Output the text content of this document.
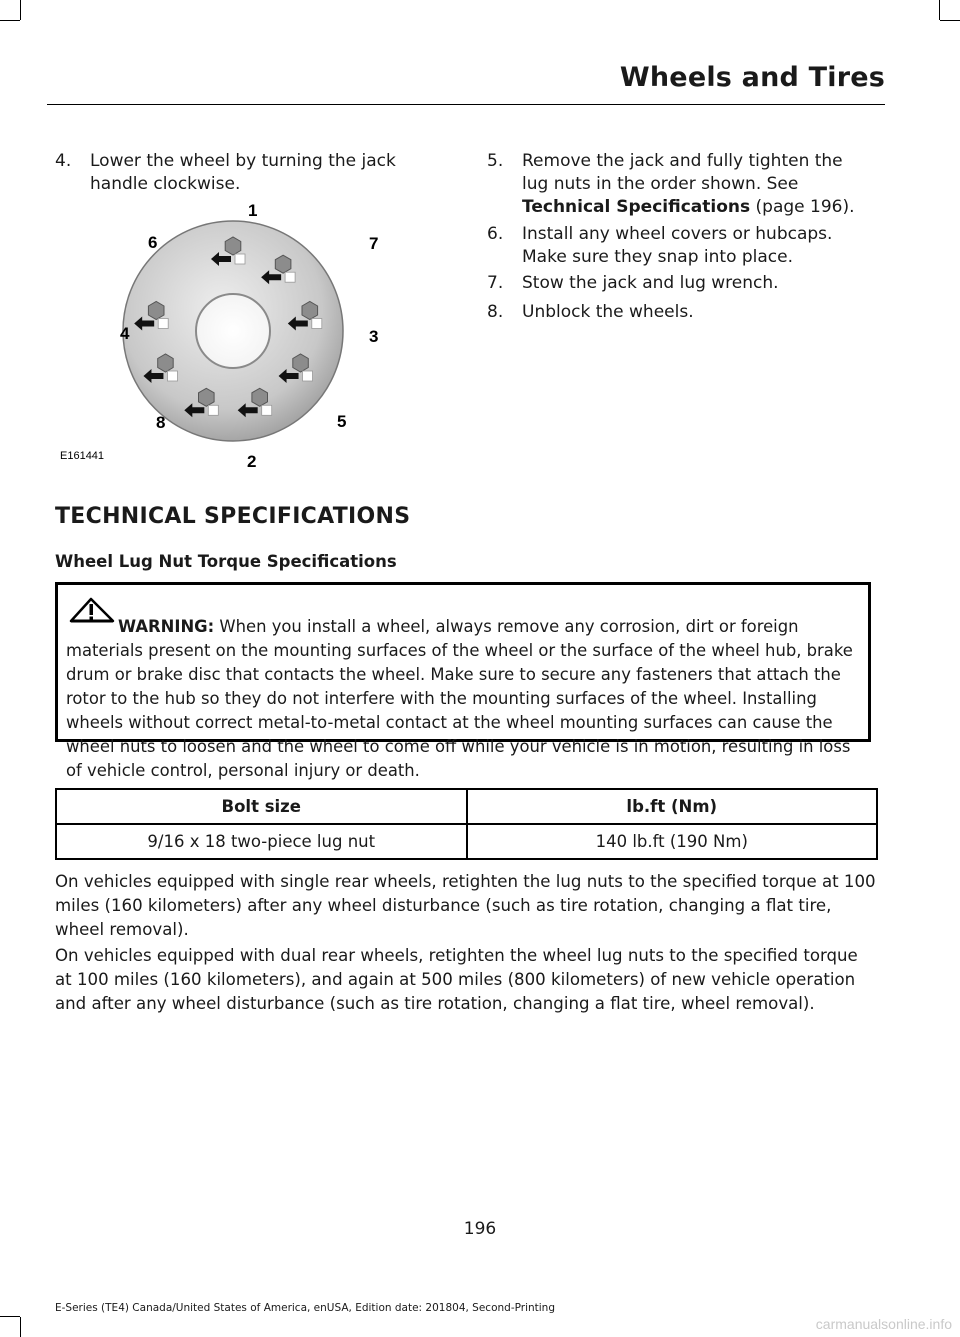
Wheels and Tires
4. Lower the wheel by turning the jack
handle clockwise.
5. Remove the jack and fully tighten the
lug nuts in the order shown. See
Technical Specifications (page 196).
6. Install any wheel covers or hubcaps.
Make sure they snap into place.
7. Stow the jack and lug wrench.
8. Unblock the wheels.
1
7
3
5
2
8
4
6
E161441
TECHNICAL SPECIFICATIONS
Wheel Lug Nut Torque Specifications

WARNING: When you install a wheel, always remove any corrosion, dirt or foreign materials present on the mounting surfaces of the wheel or the surface of the wheel hub, brake drum or brake disc that contacts the wheel. Make sure to secure any fasteners that attach the rotor to the hub so they do not interfere with the mounting surfaces of the wheel. Installing wheels without correct metal-to-metal contact at the wheel mounting surfaces can cause the wheel nuts to loosen and the wheel to come off while your vehicle is in motion, resulting in loss of vehicle control, personal injury or death.

Bolt size	lb.ft (Nm)
9/16 x 18 two-piece lug nut	140 lb.ft (190 Nm)

On vehicles equipped with single rear wheels, retighten the lug nuts to the specified torque at 100 miles (160 kilometers) after any wheel disturbance (such as tire rotation, changing a flat tire, wheel removal).

On vehicles equipped with dual rear wheels, retighten the wheel lug nuts to the specified torque at 100 miles (160 kilometers), and again at 500 miles (800 kilometers) of new vehicle operation and after any wheel disturbance (such as tire rotation, changing a flat tire, wheel removal).

196
E-Series (TE4) Canada/United States of America, enUSA, Edition date: 201804, Second-Printing
carmanualsonline.info
